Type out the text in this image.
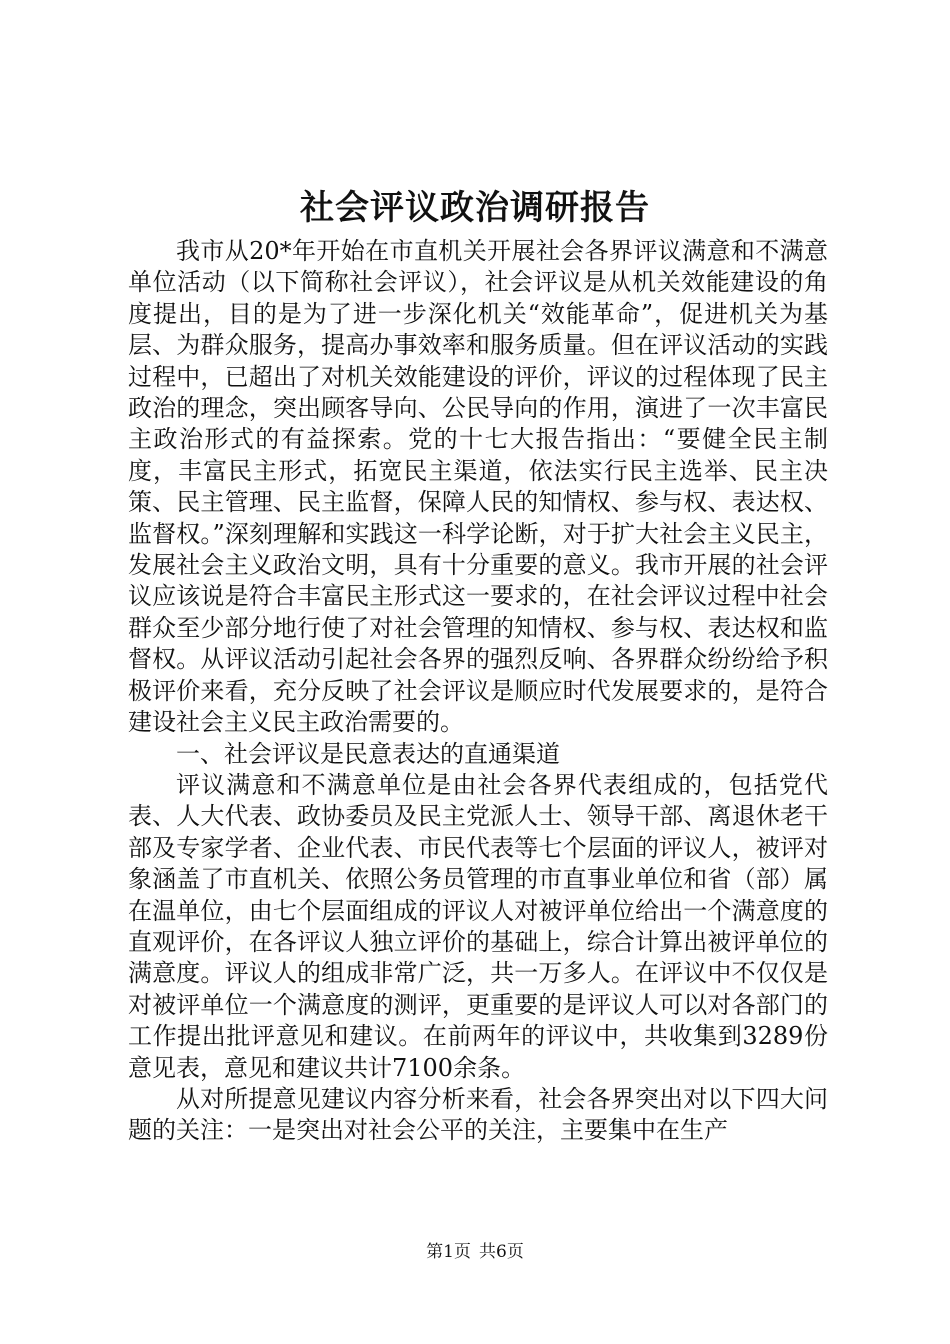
社会评议政治调研报告

我市从20*年开始在市直机关开展社会各界评议满意和不满意单位活动（以下简称社会评议），社会评议是从机关效能建设的角度提出，目的是为了进一步深化机关“效能革命”，促进机关为基层、为群众服务，提高办事效率和服务质量。但在评议活动的实践过程中，已超出了对机关效能建设的评价，评议的过程体现了民主政治的理念，突出顾客导向、公民导向的作用，演进了一次丰富民主政治形式的有益探索。党的十七大报告指出：“要健全民主制度，丰富民主形式，拓宽民主渠道，依法实行民主选举、民主决策、民主管理、民主监督，保障人民的知情权、参与权、表达权、监督权。”深刻理解和实践这一科学论断，对于扩大社会主义民主，发展社会主义政治文明，具有十分重要的意义。我市开展的社会评议应该说是符合丰富民主形式这一要求的，在社会评议过程中社会群众至少部分地行使了对社会管理的知情权、参与权、表达权和监督权。从评议活动引起社会各界的强烈反响、各界群众纷纷给予积极评价来看，充分反映了社会评议是顺应时代发展要求的，是符合建设社会主义民主政治需要的。

一、社会评议是民意表达的直通渠道

评议满意和不满意单位是由社会各界代表组成的，包括党代表、人大代表、政协委员及民主党派人士、领导干部、离退休老干部及专家学者、企业代表、市民代表等七个层面的评议人，被评对象涵盖了市直机关、依照公务员管理的市直事业单位和省（部）属在温单位，由七个层面组成的评议人对被评单位给出一个满意度的直观评价，在各评议人独立评价的基础上，综合计算出被评单位的满意度。评议人的组成非常广泛，共一万多人。在评议中不仅仅是对被评单位一个满意度的测评，更重要的是评议人可以对各部门的工作提出批评意见和建议。在前两年的评议中，共收集到3289份意见表，意见和建议共计7100余条。

从对所提意见建议内容分析来看，社会各界突出对以下四大问题的关注：一是突出对社会公平的关注，主要集中在生产

第1页 共6页
